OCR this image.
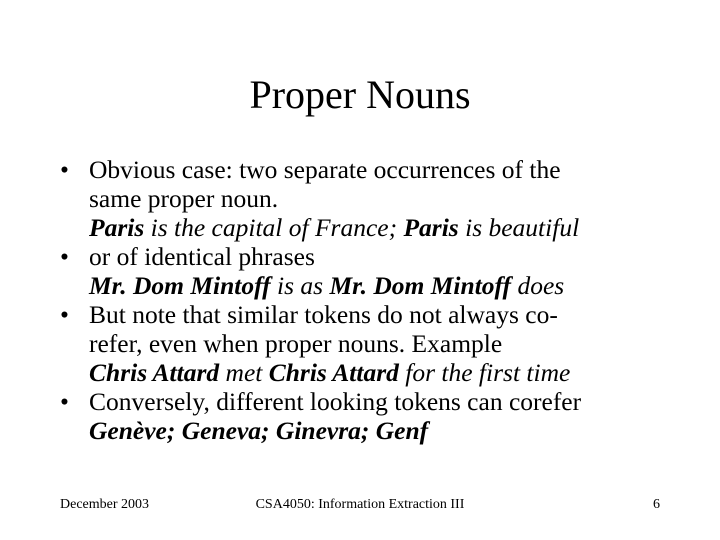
Proper Nouns
• Obvious case: two separate occurrences of the
same proper noun.
Paris is the capital of France; Paris is beautiful
• or of identical phrases
Mr. Dom Mintoff is as Mr. Dom Mintoff does
• But note that similar tokens do not always co-
refer, even when proper nouns. Example
Chris Attard met Chris Attard for the first time
• Conversely, different looking tokens can corefer
Genève; Geneva; Ginevra; Genf
December 2003	CSA4050: Information Extraction III	6
